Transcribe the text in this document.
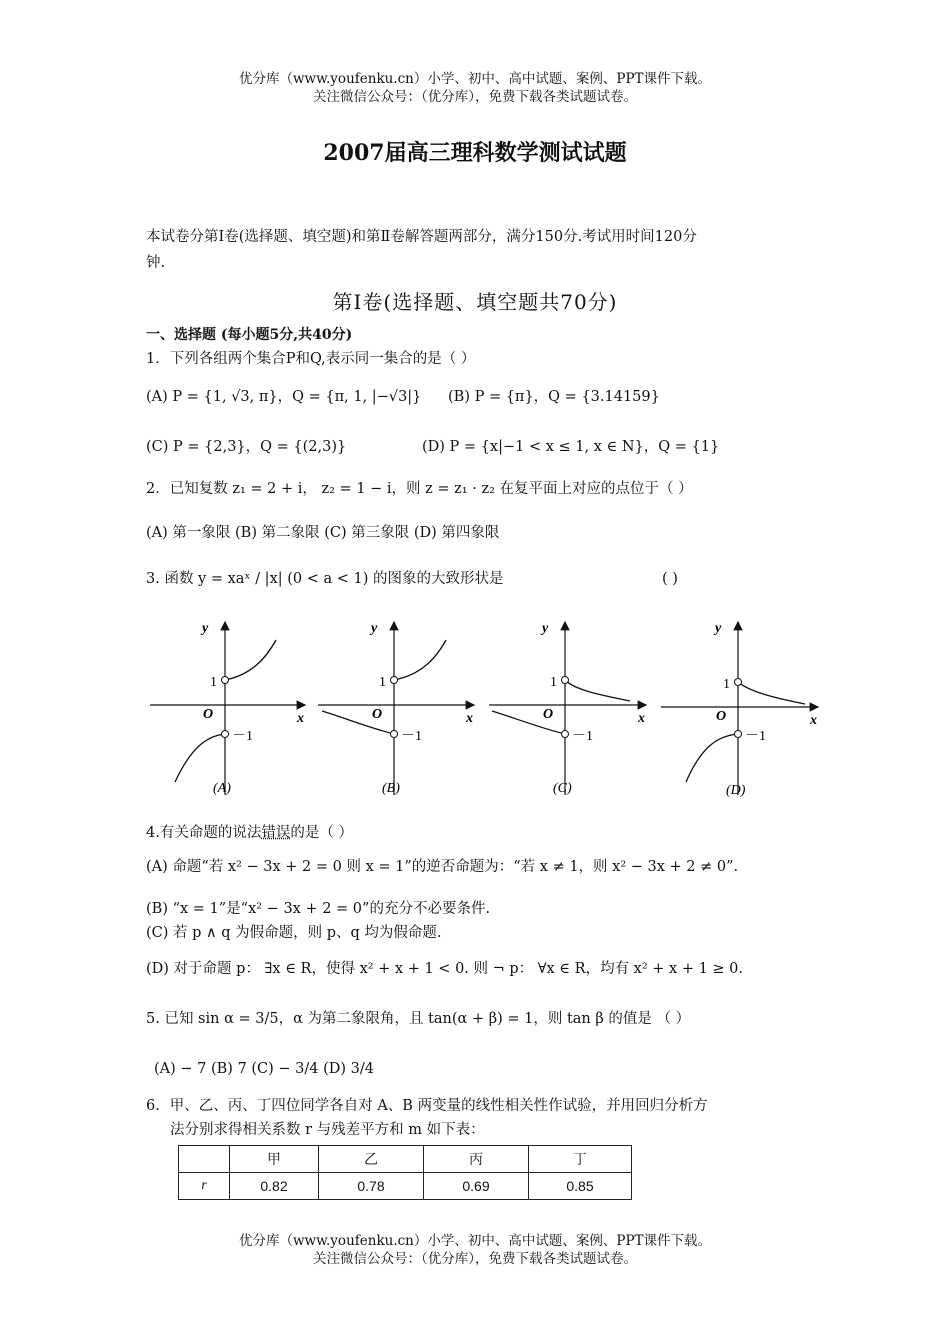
优分库（www.youfenku.cn）小学、初中、高中试题、案例、PPT课件下载。
关注微信公众号：（优分库），免费下载各类试题试卷。
2007届高三理科数学测试试题
本试卷分第Ⅰ卷(选择题、填空题)和第Ⅱ卷解答题两部分，满分150分.考试用时间120分
钟.
第Ⅰ卷(选择题、填空题共70分)
一、选择题 (每小题5分,共40分)
1．下列各组两个集合P和Q,表示同一集合的是（ ）
(A) P = {1, √3, π}，Q = {π, 1, |−√3|} (B) P = {π}，Q = {3.14159}
(C) P = {2,3}，Q = {(2,3)}	(D) P = {x|−1 < x ≤ 1, x ∈ N}，Q = {1}
2．已知复数 z₁ = 2 + i， z₂ = 1 − i，则 z = z₁ · z₂ 在复平面上对应的点位于（ ）
(A) 第一象限 (B) 第二象限 (C) 第三象限 (D) 第四象限
3. 函数 y = xaˣ / |x| (0 < a < 1) 的图象的大致形状是	( )
y
x
O
1
－1
(A)
y
x
O
1
－1
(B)
y
x
O
1
－1
(C)
y
x
O
1
－1
(D)
4.有关命题的说法错误的是（ ）
(A) 命题“若 x² − 3x + 2 = 0 则 x = 1”的逆否命题为：“若 x ≠ 1，则 x² − 3x + 2 ≠ 0”.
(B) “x = 1”是“x² − 3x + 2 = 0”的充分不必要条件.
(C) 若 p ∧ q 为假命题，则 p、q 均为假命题.
(D) 对于命题 p： ∃x ∈ R，使得 x² + x + 1 < 0. 则 ¬ p： ∀x ∈ R，均有 x² + x + 1 ≥ 0.
5. 已知 sin α = 3/5，α 为第二象限角，且 tan(α + β) = 1，则 tan β 的值是 （ ）
(A) − 7 (B) 7 (C) − 3/4 (D) 3/4
6．甲、乙、丙、丁四位同学各自对 A、B 两变量的线性相关性作试验，并用回归分析方
法分别求得相关系数 r 与残差平方和 m 如下表：
	甲	乙	丙	丁
r	0.82	0.78	0.69	0.85
优分库（www.youfenku.cn）小学、初中、高中试题、案例、PPT课件下载。
关注微信公众号：（优分库），免费下载各类试题试卷。
